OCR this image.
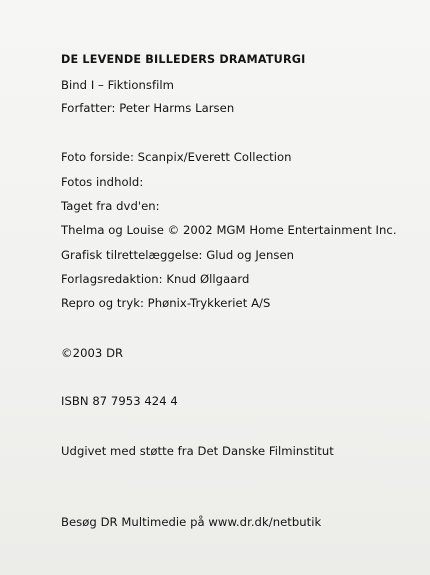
DE LEVENDE BILLEDERS DRAMATURGI
Bind I – Fiktionsfilm
Forfatter: Peter Harms Larsen
Foto forside: Scanpix/Everett Collection
Fotos indhold:
Taget fra dvd'en:
Thelma og Louise © 2002 MGM Home Entertainment Inc.
Grafisk tilrettelæggelse: Glud og Jensen
Forlagsredaktion: Knud Øllgaard
Repro og tryk: Phønix-Trykkeriet A/S
©2003 DR
ISBN 87 7953 424 4
Udgivet med støtte fra Det Danske Filminstitut
Besøg DR Multimedie på www.dr.dk/netbutik
